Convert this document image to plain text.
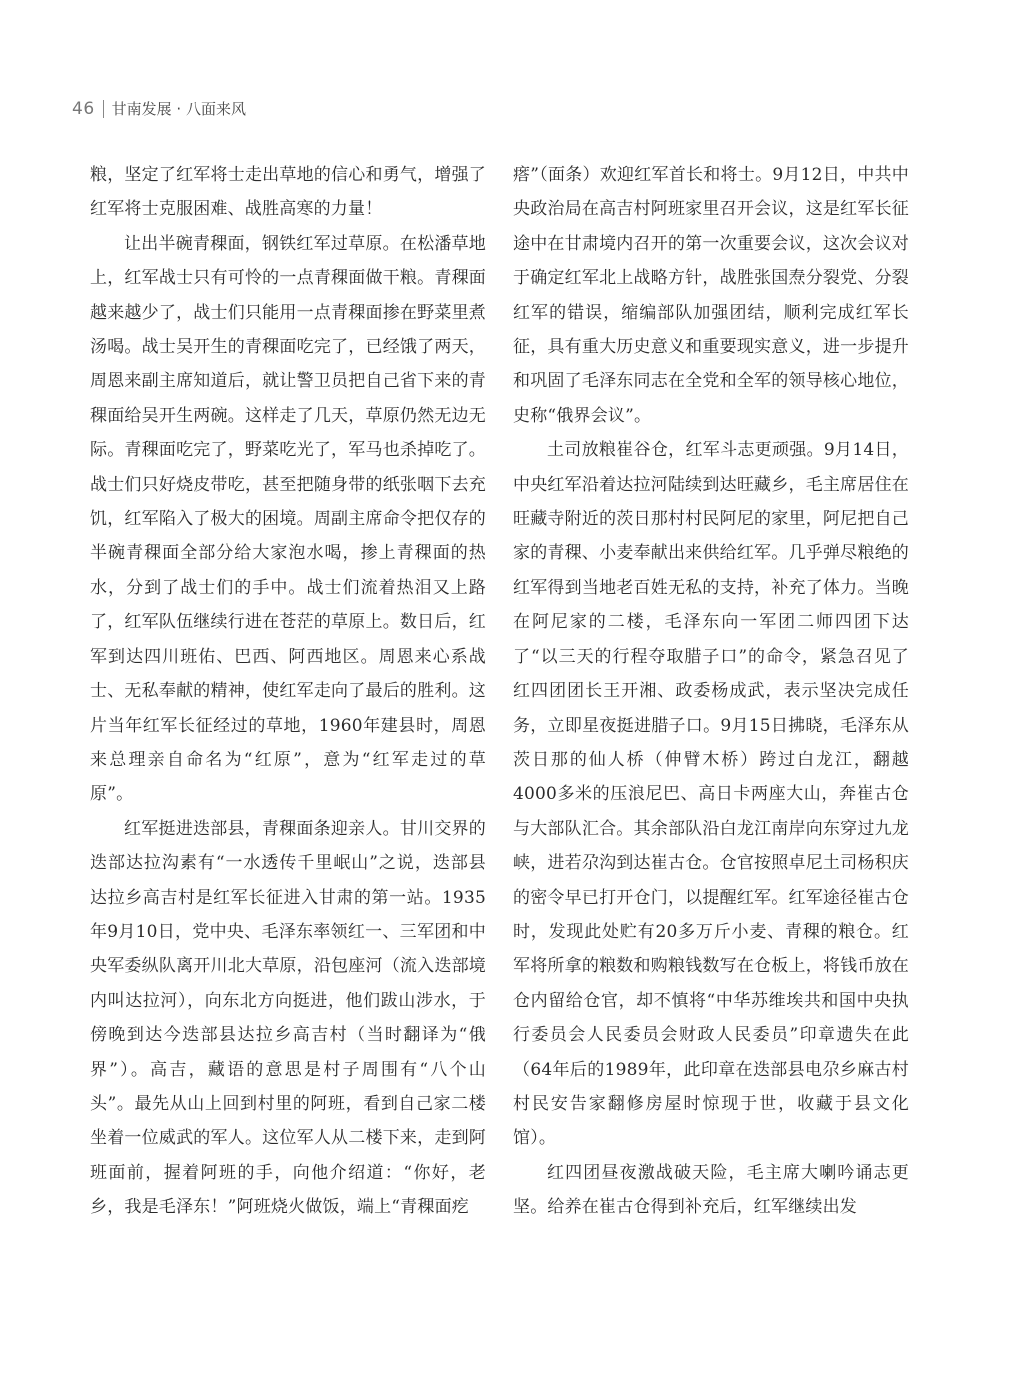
46 甘南发展 · 八面来风

粮，坚定了红军将士走出草地的信心和勇气，增强了红军将士克服困难、战胜高寒的力量！

让出半碗青稞面，钢铁红军过草原。在松潘草地上，红军战士只有可怜的一点青稞面做干粮。青稞面越来越少了，战士们只能用一点青稞面掺在野菜里煮汤喝。战士吴开生的青稞面吃完了，已经饿了两天，周恩来副主席知道后，就让警卫员把自己省下来的青稞面给吴开生两碗。这样走了几天，草原仍然无边无际。青稞面吃完了，野菜吃光了，军马也杀掉吃了。战士们只好烧皮带吃，甚至把随身带的纸张咽下去充饥，红军陷入了极大的困境。周副主席命令把仅存的半碗青稞面全部分给大家泡水喝，掺上青稞面的热水，分到了战士们的手中。战士们流着热泪又上路了，红军队伍继续行进在苍茫的草原上。数日后，红军到达四川班佑、巴西、阿西地区。周恩来心系战士、无私奉献的精神，使红军走向了最后的胜利。这片当年红军长征经过的草地，1960年建县时，周恩来总理亲自命名为“红原”，意为“红军走过的草原”。

红军挺进迭部县，青稞面条迎亲人。甘川交界的迭部达拉沟素有“一水透传千里岷山”之说，迭部县达拉乡高吉村是红军长征进入甘肃的第一站。1935年9月10日，党中央、毛泽东率领红一、三军团和中央军委纵队离开川北大草原，沿包座河（流入迭部境内叫达拉河），向东北方向挺进，他们跋山涉水，于傍晚到达今迭部县达拉乡高吉村（当时翻译为“俄界”）。高吉，藏语的意思是村子周围有“八个山头”。最先从山上回到村里的阿班，看到自己家二楼坐着一位威武的军人。这位军人从二楼下来，走到阿班面前，握着阿班的手，向他介绍道：“你好，老乡，我是毛泽东！”阿班烧火做饭，端上“青稞面疙

瘩”（面条）欢迎红军首长和将士。9月12日，中共中央政治局在高吉村阿班家里召开会议，这是红军长征途中在甘肃境内召开的第一次重要会议，这次会议对于确定红军北上战略方针，战胜张国焘分裂党、分裂红军的错误，缩编部队加强团结，顺利完成红军长征，具有重大历史意义和重要现实意义，进一步提升和巩固了毛泽东同志在全党和全军的领导核心地位，史称“俄界会议”。

土司放粮崔谷仓，红军斗志更顽强。9月14日，中央红军沿着达拉河陆续到达旺藏乡，毛主席居住在旺藏寺附近的茨日那村村民阿尼的家里，阿尼把自己家的青稞、小麦奉献出来供给红军。几乎弹尽粮绝的红军得到当地老百姓无私的支持，补充了体力。当晚在阿尼家的二楼，毛泽东向一军团二师四团下达了“以三天的行程夺取腊子口”的命令，紧急召见了红四团团长王开湘、政委杨成武，表示坚决完成任务，立即星夜挺进腊子口。9月15日拂晓，毛泽东从茨日那的仙人桥（伸臂木桥）跨过白龙江，翻越4000多米的压浪尼巴、高日卡两座大山，奔崔古仓与大部队汇合。其余部队沿白龙江南岸向东穿过九龙峡，进若尕沟到达崔古仓。仓官按照卓尼土司杨积庆的密令早已打开仓门，以提醒红军。红军途径崔古仓时，发现此处贮有20多万斤小麦、青稞的粮仓。红军将所拿的粮数和购粮钱数写在仓板上，将钱币放在仓内留给仓官，却不慎将“中华苏维埃共和国中央执行委员会人民委员会财政人民委员”印章遗失在此（64年后的1989年，此印章在迭部县电尕乡麻古村村民安告家翻修房屋时惊现于世，收藏于县文化馆）。

红四团昼夜激战破天险，毛主席大喇吟诵志更坚。给养在崔古仓得到补充后，红军继续出发
